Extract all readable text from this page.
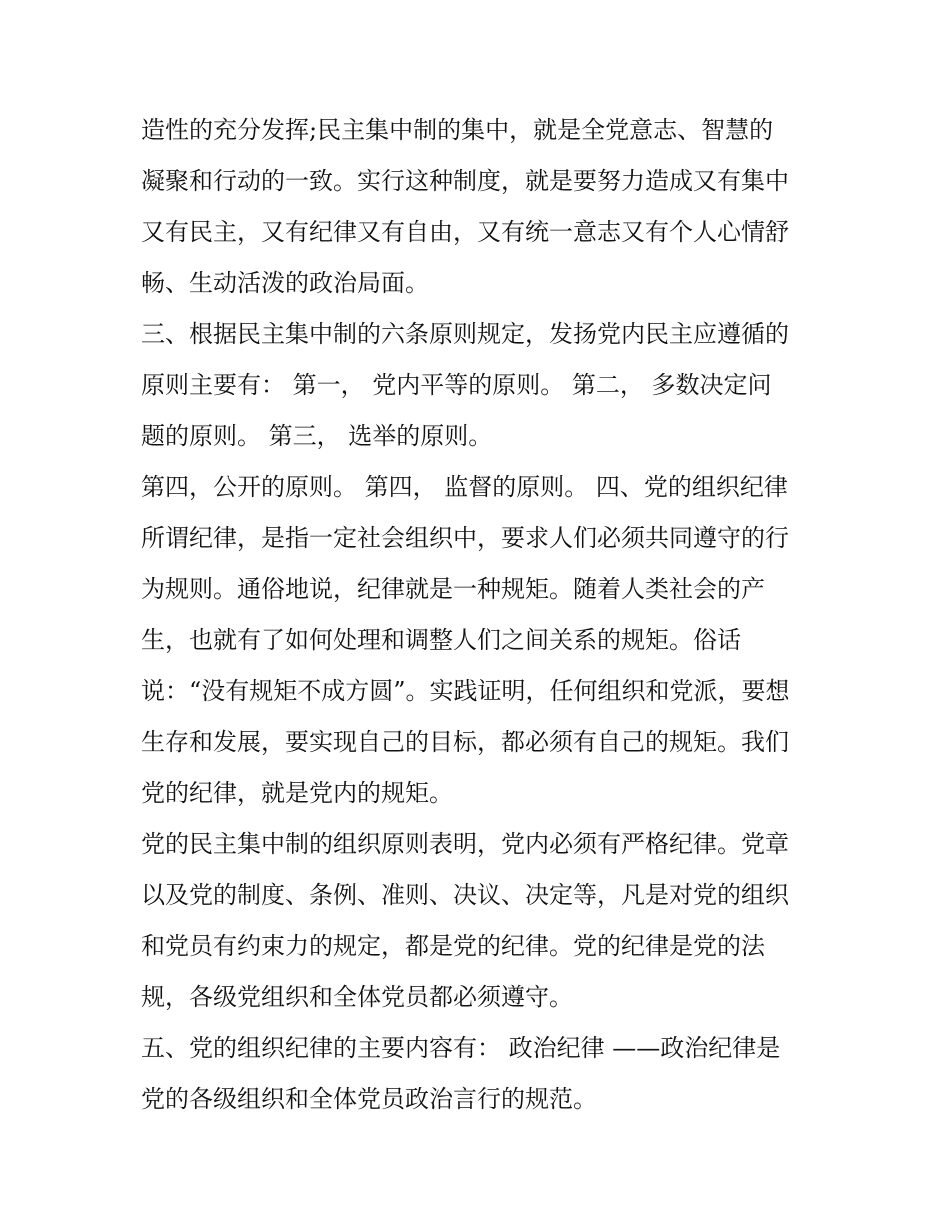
造性的充分发挥;民主集中制的集中，就是全党意志、智慧的
凝聚和行动的一致。实行这种制度，就是要努力造成又有集中
又有民主，又有纪律又有自由，又有统一意志又有个人心情舒
畅、生动活泼的政治局面。
三、根据民主集中制的六条原则规定，发扬党内民主应遵循的
原则主要有： 第一， 党内平等的原则。 第二， 多数决定问
题的原则。 第三， 选举的原则。
第四，公开的原则。 第四， 监督的原则。 四、党的组织纪律
所谓纪律，是指一定社会组织中，要求人们必须共同遵守的行
为规则。通俗地说，纪律就是一种规矩。随着人类社会的产
生，也就有了如何处理和调整人们之间关系的规矩。俗话
说：“没有规矩不成方圆”。实践证明，任何组织和党派，要想
生存和发展，要实现自己的目标，都必须有自己的规矩。我们
党的纪律，就是党内的规矩。
党的民主集中制的组织原则表明，党内必须有严格纪律。党章
以及党的制度、条例、准则、决议、决定等，凡是对党的组织
和党员有约束力的规定，都是党的纪律。党的纪律是党的法
规，各级党组织和全体党员都必须遵守。
五、党的组织纪律的主要内容有： 政治纪律 ——政治纪律是
党的各级组织和全体党员政治言行的规范。
